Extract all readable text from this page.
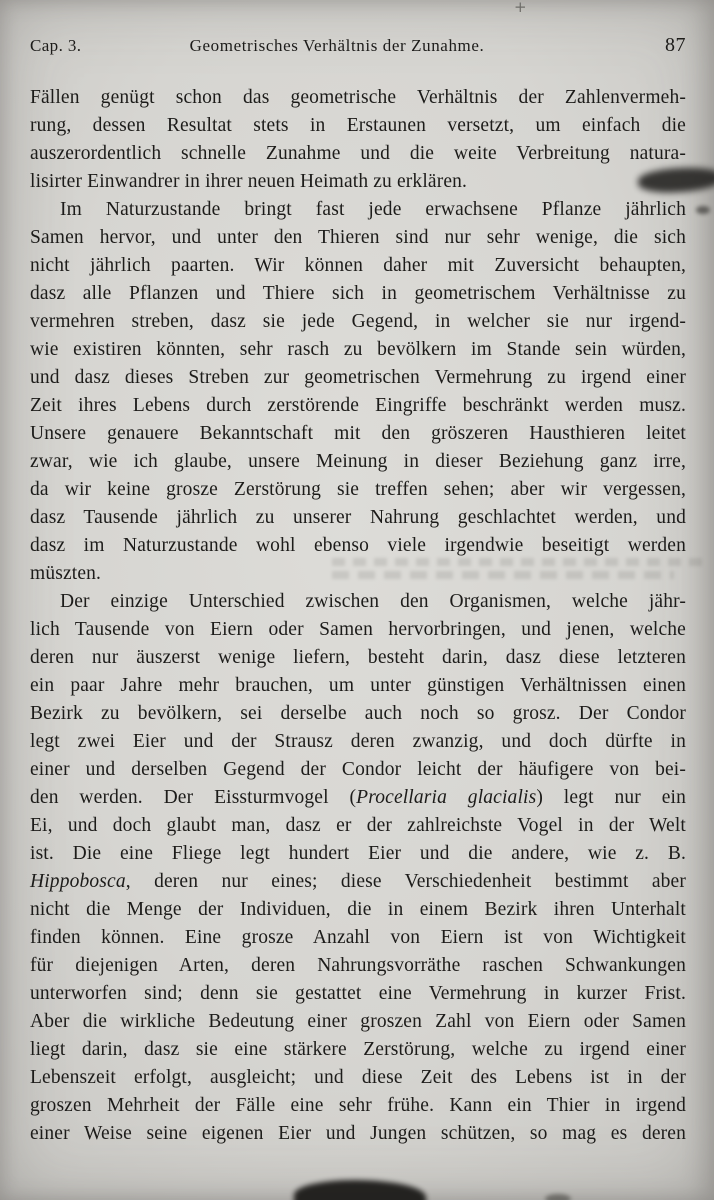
+
Cap. 3.	Geometrisches Verhältnis der Zunahme.	87
Fällen genügt schon das geometrische Verhältnis der Zahlenvermeh-
rung, dessen Resultat stets in Erstaunen versetzt, um einfach die
auszerordentlich schnelle Zunahme und die weite Verbreitung natura-
lisirter Einwandrer in ihrer neuen Heimath zu erklären.
Im Naturzustande bringt fast jede erwachsene Pflanze jährlich
Samen hervor, und unter den Thieren sind nur sehr wenige, die sich
nicht jährlich paarten. Wir können daher mit Zuversicht behaupten,
dasz alle Pflanzen und Thiere sich in geometrischem Verhältnisse zu
vermehren streben, dasz sie jede Gegend, in welcher sie nur irgend-
wie existiren könnten, sehr rasch zu bevölkern im Stande sein würden,
und dasz dieses Streben zur geometrischen Vermehrung zu irgend einer
Zeit ihres Lebens durch zerstörende Eingriffe beschränkt werden musz.
Unsere genauere Bekanntschaft mit den gröszeren Hausthieren leitet
zwar, wie ich glaube, unsere Meinung in dieser Beziehung ganz irre,
da wir keine grosze Zerstörung sie treffen sehen; aber wir vergessen,
dasz Tausende jährlich zu unserer Nahrung geschlachtet werden, und
dasz im Naturzustande wohl ebenso viele irgendwie beseitigt werden
müszten.
Der einzige Unterschied zwischen den Organismen, welche jähr-
lich Tausende von Eiern oder Samen hervorbringen, und jenen, welche
deren nur äuszerst wenige liefern, besteht darin, dasz diese letzteren
ein paar Jahre mehr brauchen, um unter günstigen Verhältnissen einen
Bezirk zu bevölkern, sei derselbe auch noch so grosz. Der Condor
legt zwei Eier und der Strausz deren zwanzig, und doch dürfte in
einer und derselben Gegend der Condor leicht der häufigere von bei-
den werden. Der Eissturmvogel (Procellaria glacialis) legt nur ein
Ei, und doch glaubt man, dasz er der zahlreichste Vogel in der Welt
ist. Die eine Fliege legt hundert Eier und die andere, wie z. B.
Hippobosca, deren nur eines; diese Verschiedenheit bestimmt aber
nicht die Menge der Individuen, die in einem Bezirk ihren Unterhalt
finden können. Eine grosze Anzahl von Eiern ist von Wichtigkeit
für diejenigen Arten, deren Nahrungsvorräthe raschen Schwankungen
unterworfen sind; denn sie gestattet eine Vermehrung in kurzer Frist.
Aber die wirkliche Bedeutung einer groszen Zahl von Eiern oder Samen
liegt darin, dasz sie eine stärkere Zerstörung, welche zu irgend einer
Lebenszeit erfolgt, ausgleicht; und diese Zeit des Lebens ist in der
groszen Mehrheit der Fälle eine sehr frühe. Kann ein Thier in irgend
einer Weise seine eigenen Eier und Jungen schützen, so mag es deren
